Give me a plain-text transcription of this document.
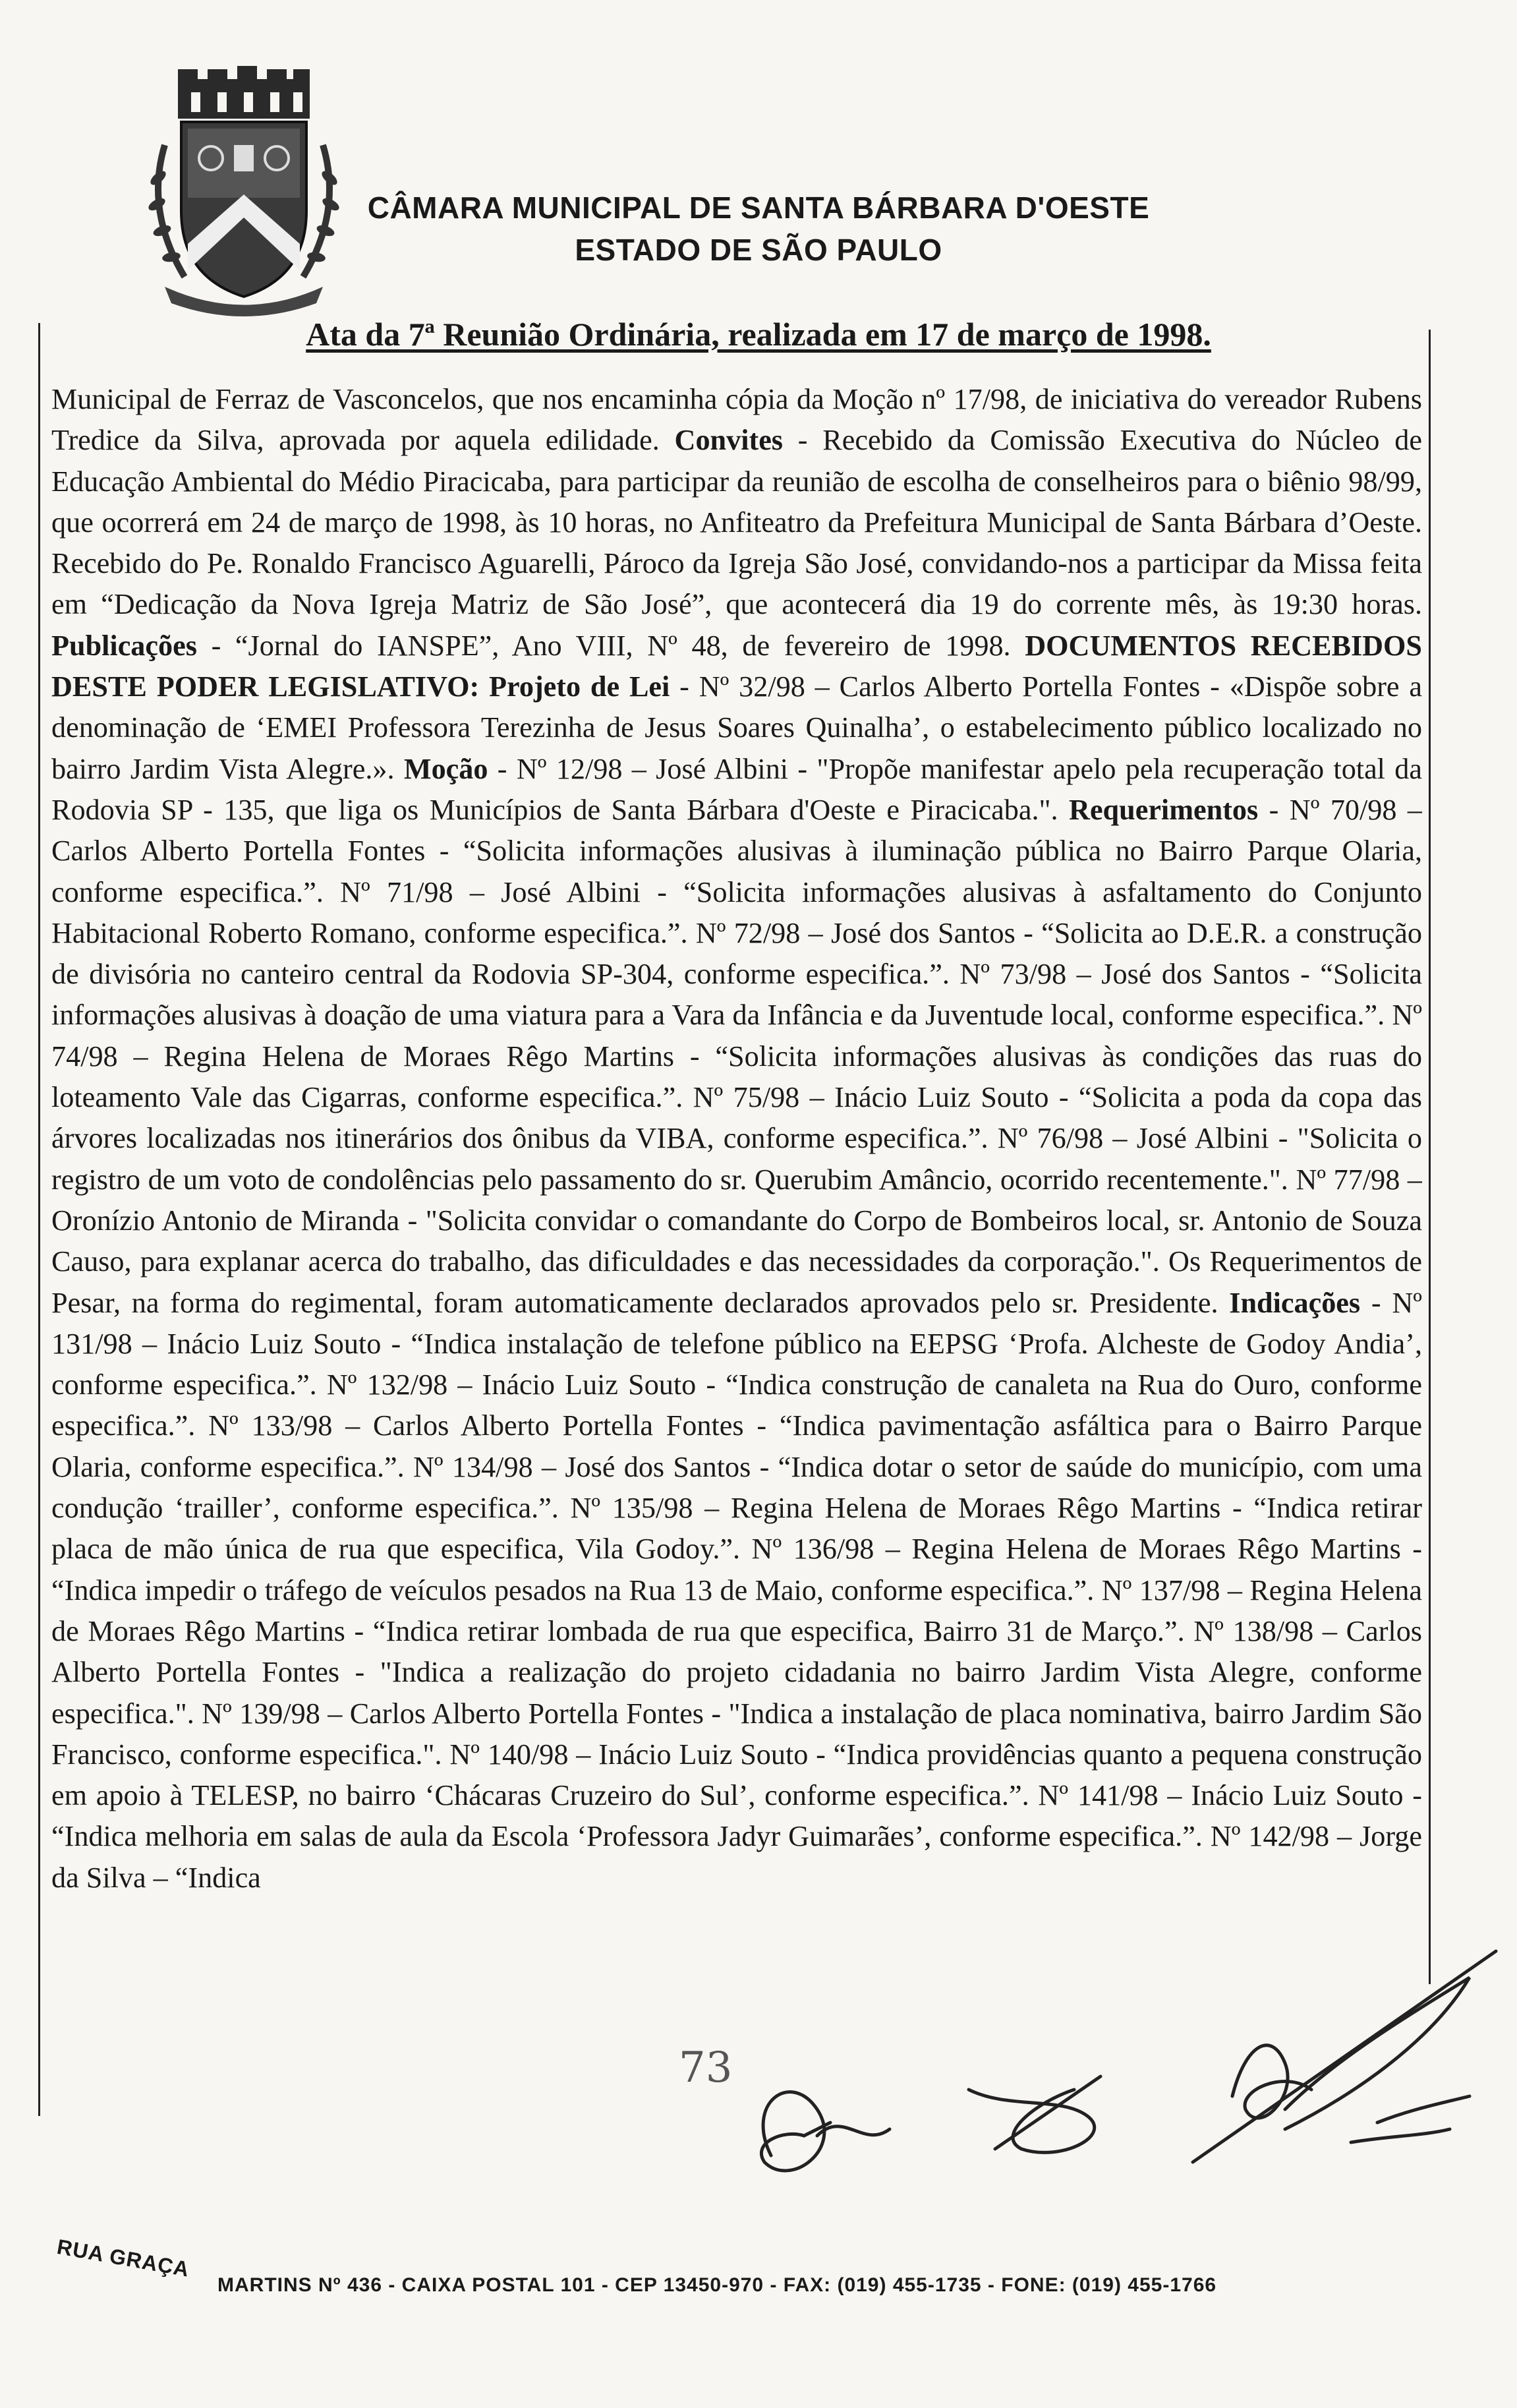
CÂMARA MUNICIPAL DE SANTA BÁRBARA D'OESTE
ESTADO DE SÃO PAULO
Ata da 7ª Reunião Ordinária, realizada em 17 de março de 1998.
Municipal de Ferraz de Vasconcelos, que nos encaminha cópia da Moção nº 17/98, de iniciativa do vereador Rubens Tredice da Silva, aprovada por aquela edilidade. Convites - Recebido da Comissão Executiva do Núcleo de Educação Ambiental do Médio Piracicaba, para participar da reunião de escolha de conselheiros para o biênio 98/99, que ocorrerá em 24 de março de 1998, às 10 horas, no Anfiteatro da Prefeitura Municipal de Santa Bárbara d’Oeste. Recebido do Pe. Ronaldo Francisco Aguarelli, Pároco da Igreja São José, convidando-nos a participar da Missa feita em “Dedicação da Nova Igreja Matriz de São José”, que acontecerá dia 19 do corrente mês, às 19:30 horas. Publicações - “Jornal do IANSPE”, Ano VIII, Nº 48, de fevereiro de 1998. DOCUMENTOS RECEBIDOS DESTE PODER LEGISLATIVO: Projeto de Lei - Nº 32/98 – Carlos Alberto Portella Fontes - «Dispõe sobre a denominação de ‘EMEI Professora Terezinha de Jesus Soares Quinalha’, o estabelecimento público localizado no bairro Jardim Vista Alegre.». Moção - Nº 12/98 – José Albini - "Propõe manifestar apelo pela recuperação total da Rodovia SP - 135, que liga os Municípios de Santa Bárbara d'Oeste e Piracicaba.". Requerimentos - Nº 70/98 – Carlos Alberto Portella Fontes - “Solicita informações alusivas à iluminação pública no Bairro Parque Olaria, conforme especifica.”. Nº 71/98 – José Albini - “Solicita informações alusivas à asfaltamento do Conjunto Habitacional Roberto Romano, conforme especifica.”. Nº 72/98 – José dos Santos - “Solicita ao D.E.R. a construção de divisória no canteiro central da Rodovia SP-304, conforme especifica.”. Nº 73/98 – José dos Santos - “Solicita informações alusivas à doação de uma viatura para a Vara da Infância e da Juventude local, conforme especifica.”. Nº 74/98 – Regina Helena de Moraes Rêgo Martins - “Solicita informações alusivas às condições das ruas do loteamento Vale das Cigarras, conforme especifica.”. Nº 75/98 – Inácio Luiz Souto - “Solicita a poda da copa das árvores localizadas nos itinerários dos ônibus da VIBA, conforme especifica.”. Nº 76/98 – José Albini - "Solicita o registro de um voto de condolências pelo passamento do sr. Querubim Amâncio, ocorrido recentemente.". Nº 77/98 – Oronízio Antonio de Miranda - "Solicita convidar o comandante do Corpo de Bombeiros local, sr. Antonio de Souza Causo, para explanar acerca do trabalho, das dificuldades e das necessidades da corporação.". Os Requerimentos de Pesar, na forma do regimental, foram automaticamente declarados aprovados pelo sr. Presidente. Indicações - Nº 131/98 – Inácio Luiz Souto - “Indica instalação de telefone público na EEPSG ‘Profa. Alcheste de Godoy Andia’, conforme especifica.”. Nº 132/98 – Inácio Luiz Souto - “Indica construção de canaleta na Rua do Ouro, conforme especifica.”. Nº 133/98 – Carlos Alberto Portella Fontes - “Indica pavimentação asfáltica para o Bairro Parque Olaria, conforme especifica.”. Nº 134/98 – José dos Santos - “Indica dotar o setor de saúde do município, com uma condução ‘trailler’, conforme especifica.”. Nº 135/98 – Regina Helena de Moraes Rêgo Martins - “Indica retirar placa de mão única de rua que especifica, Vila Godoy.”. Nº 136/98 – Regina Helena de Moraes Rêgo Martins - “Indica impedir o tráfego de veículos pesados na Rua 13 de Maio, conforme especifica.”. Nº 137/98 – Regina Helena de Moraes Rêgo Martins - “Indica retirar lombada de rua que especifica, Bairro 31 de Março.”. Nº 138/98 – Carlos Alberto Portella Fontes - "Indica a realização do projeto cidadania no bairro Jardim Vista Alegre, conforme especifica.". Nº 139/98 – Carlos Alberto Portella Fontes - "Indica a instalação de placa nominativa, bairro Jardim São Francisco, conforme especifica.". Nº 140/98 – Inácio Luiz Souto - “Indica providências quanto a pequena construção em apoio à TELESP, no bairro ‘Chácaras Cruzeiro do Sul’, conforme especifica.”. Nº 141/98 – Inácio Luiz Souto - “Indica melhoria em salas de aula da Escola ‘Professora Jadyr Guimarães’, conforme especifica.”. Nº 142/98 – Jorge da Silva – “Indica
73
RUA GRAÇA
MARTINS Nº 436 - CAIXA POSTAL 101 - CEP 13450-970 - FAX: (019) 455-1735 - FONE: (019) 455-1766
